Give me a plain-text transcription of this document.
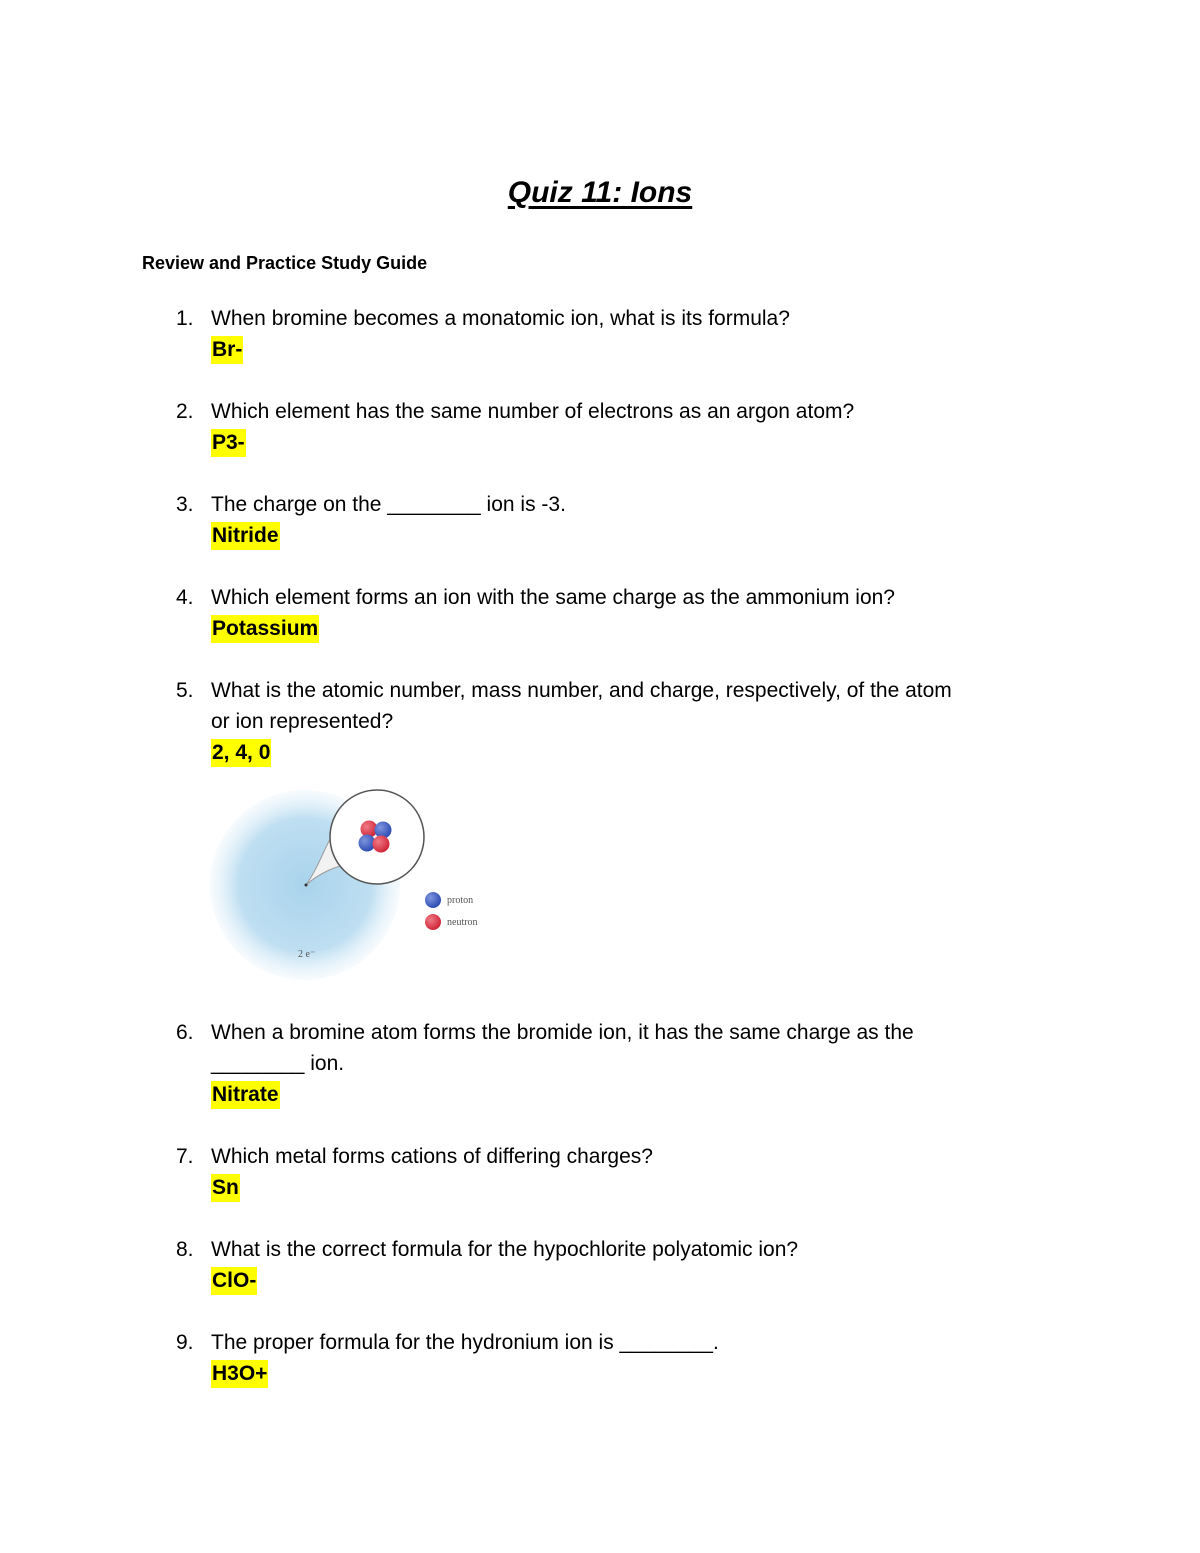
Quiz 11: Ions
Review and Practice Study Guide
1. When bromine becomes a monatomic ion, what is its formula?
Br-
2. Which element has the same number of electrons as an argon atom?
P3-
3. The charge on the ________ ion is -3.
Nitride
4. Which element forms an ion with the same charge as the ammonium ion?
Potassium
5. What is the atomic number, mass number, and charge, respectively, of the atom
or ion represented?
2, 4, 0
proton
neutron
2 e⁻
6. When a bromine atom forms the bromide ion, it has the same charge as the
________ ion.
Nitrate
7. Which metal forms cations of differing charges?
Sn
8. What is the correct formula for the hypochlorite polyatomic ion?
ClO-
9. The proper formula for the hydronium ion is ________.
H3O+
